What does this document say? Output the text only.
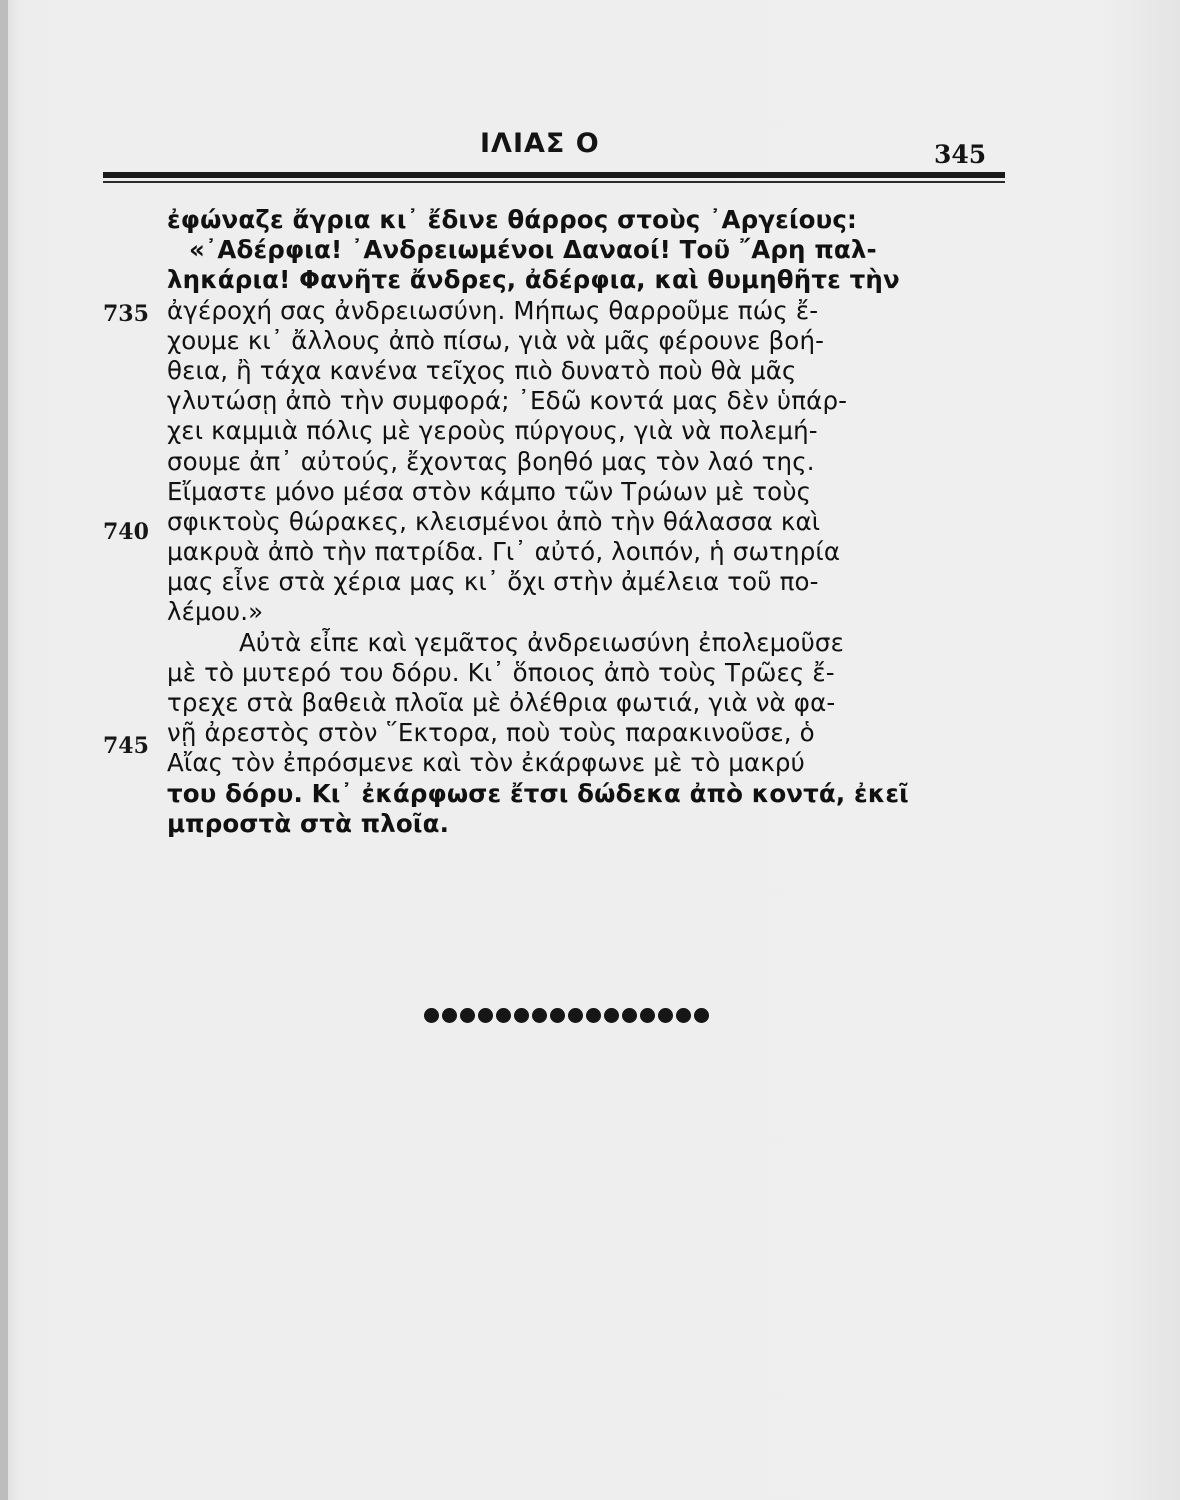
ΙΛΙΑΣ Ο	345
735
740
745
ἐφώναζε ἄγρια κι᾽ ἔδινε θάρρος στοὺς ᾽Αργείους:
«᾽Αδέρφια! ᾽Ανδρειωμένοι Δαναοί! Τοῦ ῎Αρη παλ-
ληκάρια! Φανῆτε ἄνδρες, ἀδέρφια, καὶ θυμηθῆτε τὴν
ἀγέροχή σας ἀνδρειωσύνη. Μήπως θαρροῦμε πώς ἔ-
χουμε κι᾽ ἄλλους ἀπὸ πίσω, γιὰ νὰ μᾶς φέρουνε βοή-
θεια, ἢ τάχα κανένα τεῖχος πιὸ δυνατὸ ποὺ θὰ μᾶς
γλυτώσῃ ἀπὸ τὴν συμφορά; ᾽Εδῶ κοντά μας δὲν ὑπάρ-
χει καμμιὰ πόλις μὲ γεροὺς πύργους, γιὰ νὰ πολεμή-
σουμε ἀπ᾽ αὐτούς, ἔχοντας βοηθό μας τὸν λαό της.
Εἴμαστε μόνο μέσα στὸν κάμπο τῶν Τρώων μὲ τοὺς
σφικτοὺς θώρακες, κλεισμένοι ἀπὸ τὴν θάλασσα καὶ
μακρυὰ ἀπὸ τὴν πατρίδα. Γι᾽ αὐτό, λοιπόν, ἡ σωτηρία
μας εἶνε στὰ χέρια μας κι᾽ ὄχι στὴν ἀμέλεια τοῦ πο-
λέμου.»
Αὐτὰ εἶπε καὶ γεμᾶτος ἀνδρειωσύνη ἐπολεμοῦσε
μὲ τὸ μυτερό του δόρυ. Κι᾽ ὅποιος ἀπὸ τοὺς Τρῶες ἔ-
τρεχε στὰ βαθειὰ πλοῖα μὲ ὀλέθρια φωτιά, γιὰ νὰ φα-
νῇ ἀρεστὸς στὸν ῞Εκτορα, ποὺ τοὺς παρακινοῦσε, ὁ
Αἴας τὸν ἐπρόσμενε καὶ τὸν ἐκάρφωνε μὲ τὸ μακρύ
του δόρυ. Κι᾽ ἐκάρφωσε ἔτσι δώδεκα ἀπὸ κοντά, ἐκεῖ
μπροστὰ στὰ πλοῖα.
